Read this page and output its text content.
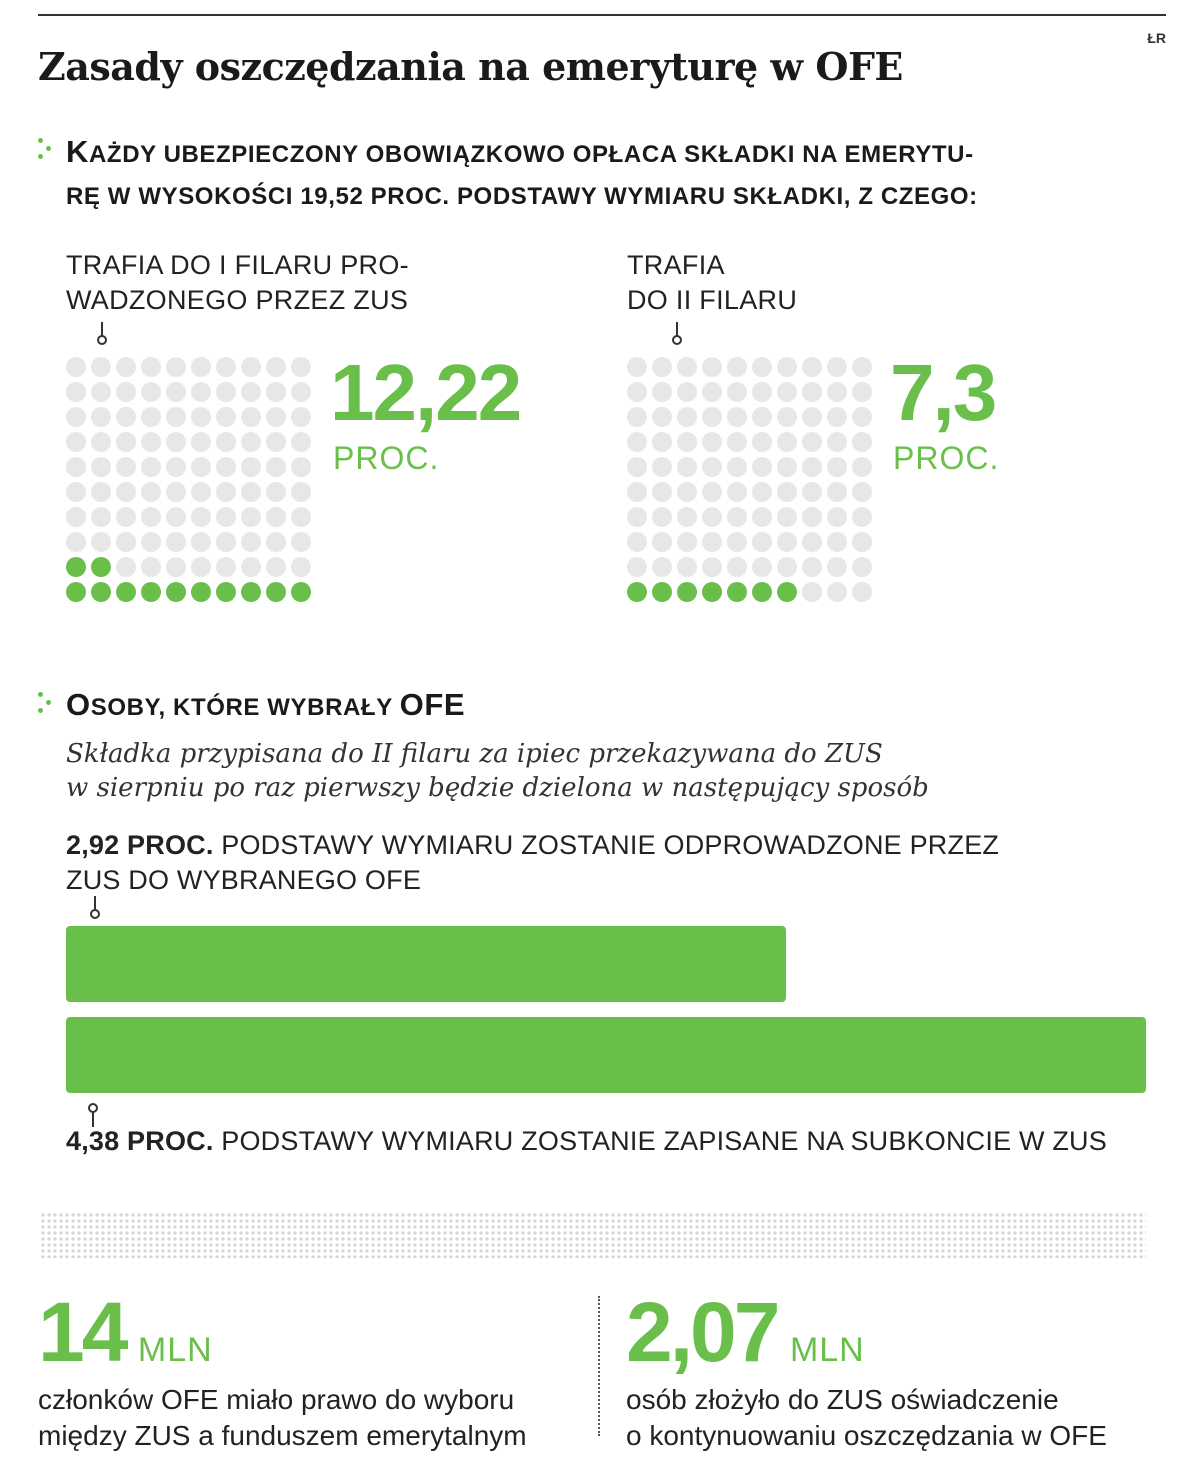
ŁR
Zasady oszczędzania na emeryturę w OFE
KAŻDY UBEZPIECZONY OBOWIĄZKOWO OPŁACA SKŁADKI NA EMERYTU-
RĘ W WYSOKOŚCI 19,52 PROC. PODSTAWY WYMIARU SKŁADKI, Z CZEGO:
TRAFIA DO I FILARU PRO-
WADZONEGO PRZEZ ZUS
12,22
PROC.
TRAFIA
DO II FILARU
7,3
PROC.
OSOBY, KTÓRE WYBRAŁY OFE
Składka przypisana do II filaru za ipiec przekazywana do ZUS
w sierpniu po raz pierwszy będzie dzielona w następujący sposób
2,92 PROC. PODSTAWY WYMIARU ZOSTANIE ODPROWADZONE PRZEZ
ZUS DO WYBRANEGO OFE
4,38 PROC. PODSTAWY WYMIARU ZOSTANIE ZAPISANE NA SUBKONCIE W ZUS
14 MLN
członków OFE miało prawo do wyboru
między ZUS a funduszem emerytalnym
2,07 MLN
osób złożyło do ZUS oświadczenie
o kontynuowaniu oszczędzania w OFE
